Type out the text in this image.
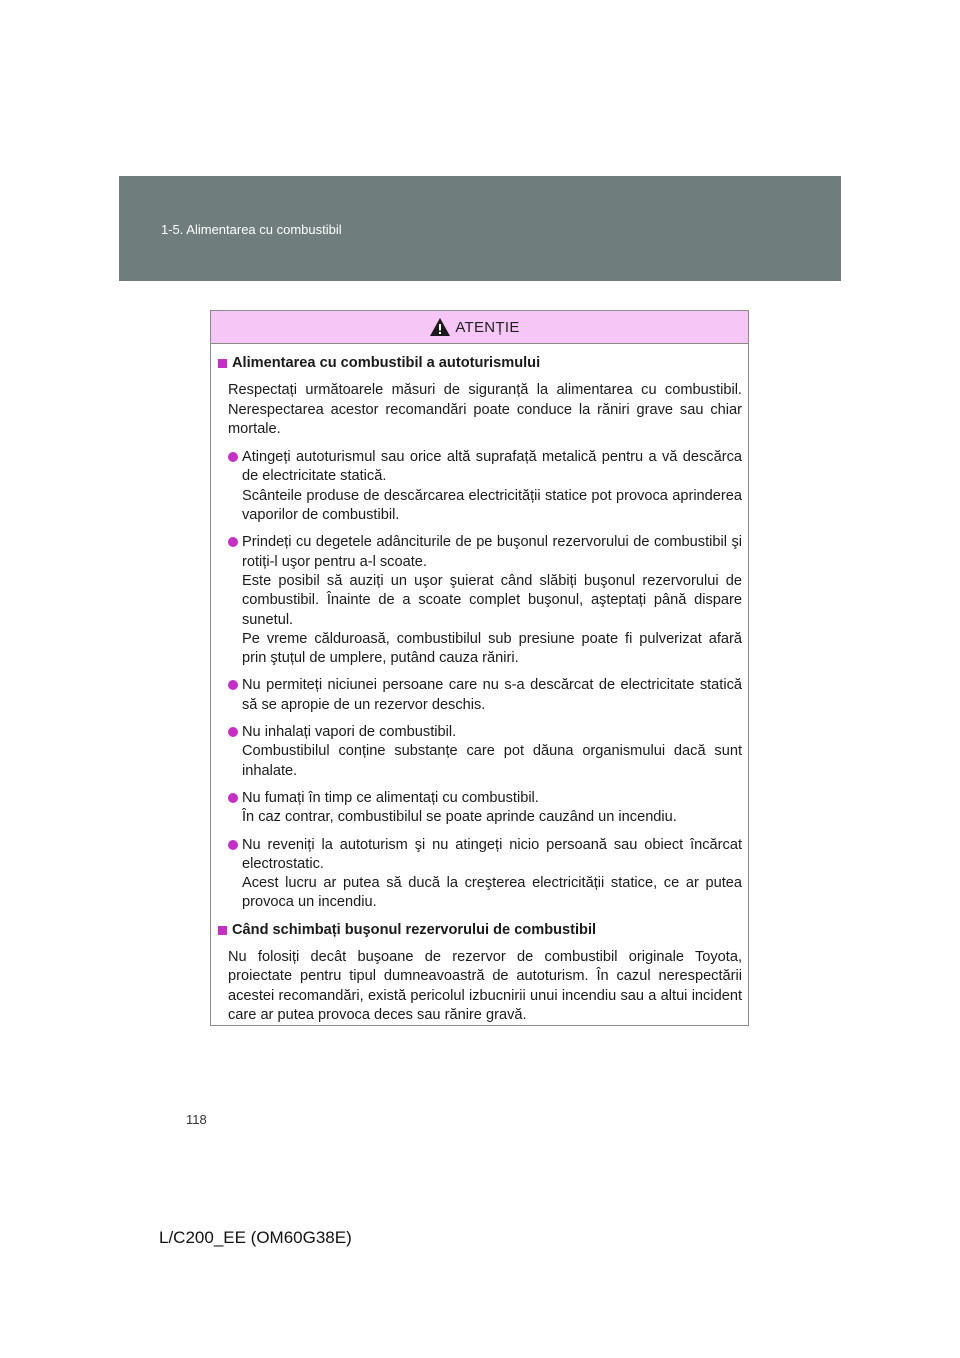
1-5. Alimentarea cu combustibil
ATENȚIE
Alimentarea cu combustibil a autoturismului
Respectați următoarele măsuri de siguranță la alimentarea cu combustibil. Nerespectarea acestor recomandări poate conduce la răniri grave sau chiar mortale.
Atingeți autoturismul sau orice altă suprafață metalică pentru a vă descărca de electricitate statică.
Scânteile produse de descărcarea electricității statice pot provoca aprinderea vaporilor de combustibil.
Prindeți cu degetele adânciturile de pe buşonul rezervorului de combustibil şi rotiți-l uşor pentru a-l scoate.
Este posibil să auziți un uşor şuierat când slăbiți buşonul rezervorului de combustibil. Înainte de a scoate complet buşonul, aşteptați până dispare sunetul.
Pe vreme călduroasă, combustibilul sub presiune poate fi pulverizat afară prin ştuțul de umplere, putând cauza răniri.
Nu permiteți niciunei persoane care nu s-a descărcat de electricitate statică să se apropie de un rezervor deschis.
Nu inhalați vapori de combustibil.
Combustibilul conține substanțe care pot dăuna organismului dacă sunt inhalate.
Nu fumați în timp ce alimentați cu combustibil.
În caz contrar, combustibilul se poate aprinde cauzând un incendiu.
Nu reveniți la autoturism şi nu atingeți nicio persoană sau obiect încărcat electrostatic.
Acest lucru ar putea să ducă la creşterea electricității statice, ce ar putea provoca un incendiu.
Când schimbați buşonul rezervorului de combustibil
Nu folosiți decât buşoane de rezervor de combustibil originale Toyota, proiectate pentru tipul dumneavoastră de autoturism. În cazul nerespectării acestei recomandări, există pericolul izbucnirii unui incendiu sau a altui incident care ar putea provoca deces sau rănire gravă.
118
L/C200_EE (OM60G38E)
